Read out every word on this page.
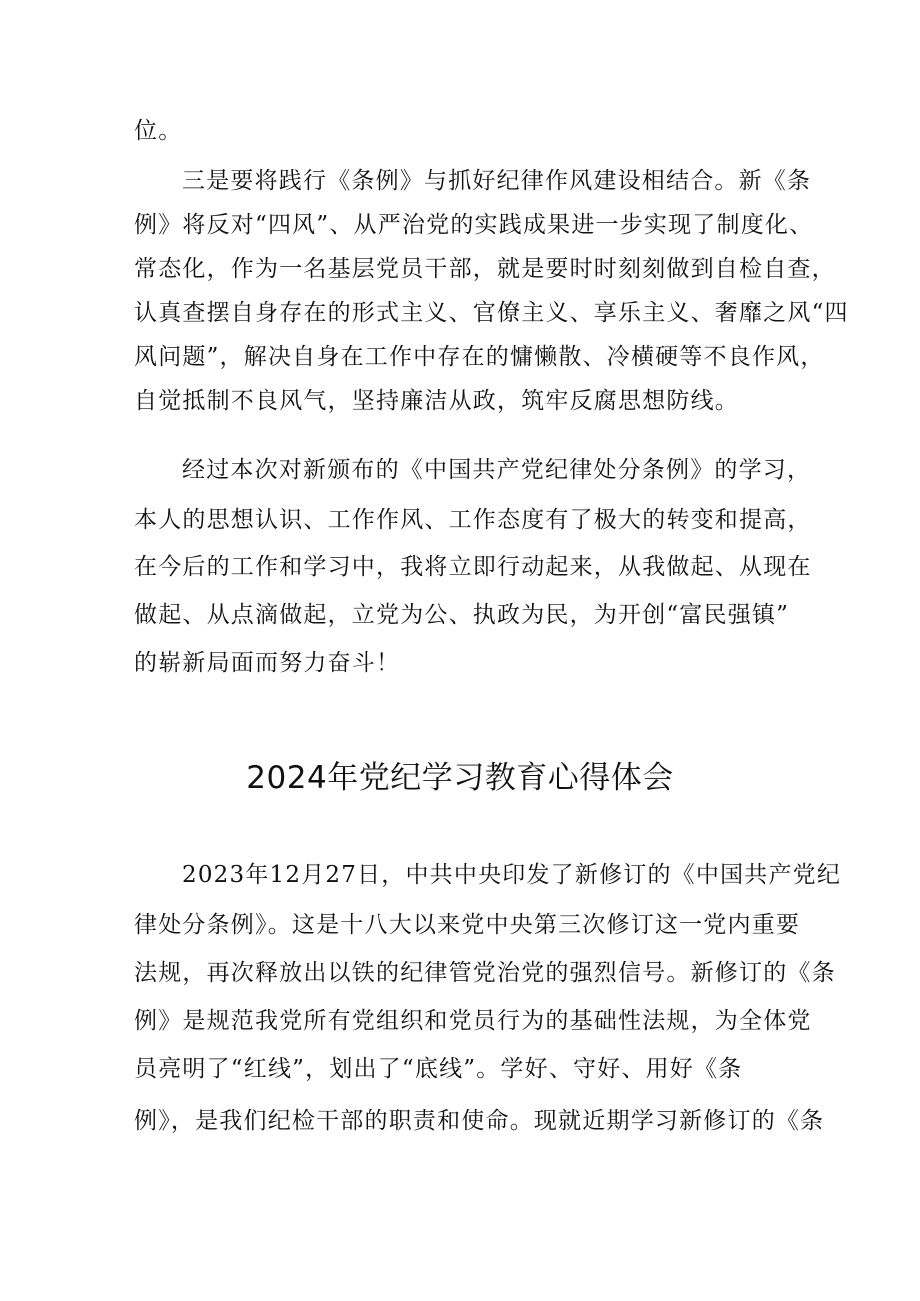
位。
三是要将践行《条例》与抓好纪律作风建设相结合。新《条
例》将反对“四风”、从严治党的实践成果进一步实现了制度化、
常态化，作为一名基层党员干部，就是要时时刻刻做到自检自查，
认真查摆自身存在的形式主义、官僚主义、享乐主义、奢靡之风“四
风问题”，解决自身在工作中存在的慵懒散、冷横硬等不良作风，
自觉抵制不良风气，坚持廉洁从政，筑牢反腐思想防线。
经过本次对新颁布的《中国共产党纪律处分条例》的学习，
本人的思想认识、工作作风、工作态度有了极大的转变和提高，
在今后的工作和学习中，我将立即行动起来，从我做起、从现在
做起、从点滴做起，立党为公、执政为民，为开创“富民强镇”
的崭新局面而努力奋斗！
2024年党纪学习教育心得体会
2023年12月27日，中共中央印发了新修订的《中国共产党纪
律处分条例》。这是十八大以来党中央第三次修订这一党内重要
法规，再次释放出以铁的纪律管党治党的强烈信号。新修订的《条
例》是规范我党所有党组织和党员行为的基础性法规，为全体党
员亮明了“红线”，划出了“底线”。学好、守好、用好《条
例》，是我们纪检干部的职责和使命。现就近期学习新修订的《条
